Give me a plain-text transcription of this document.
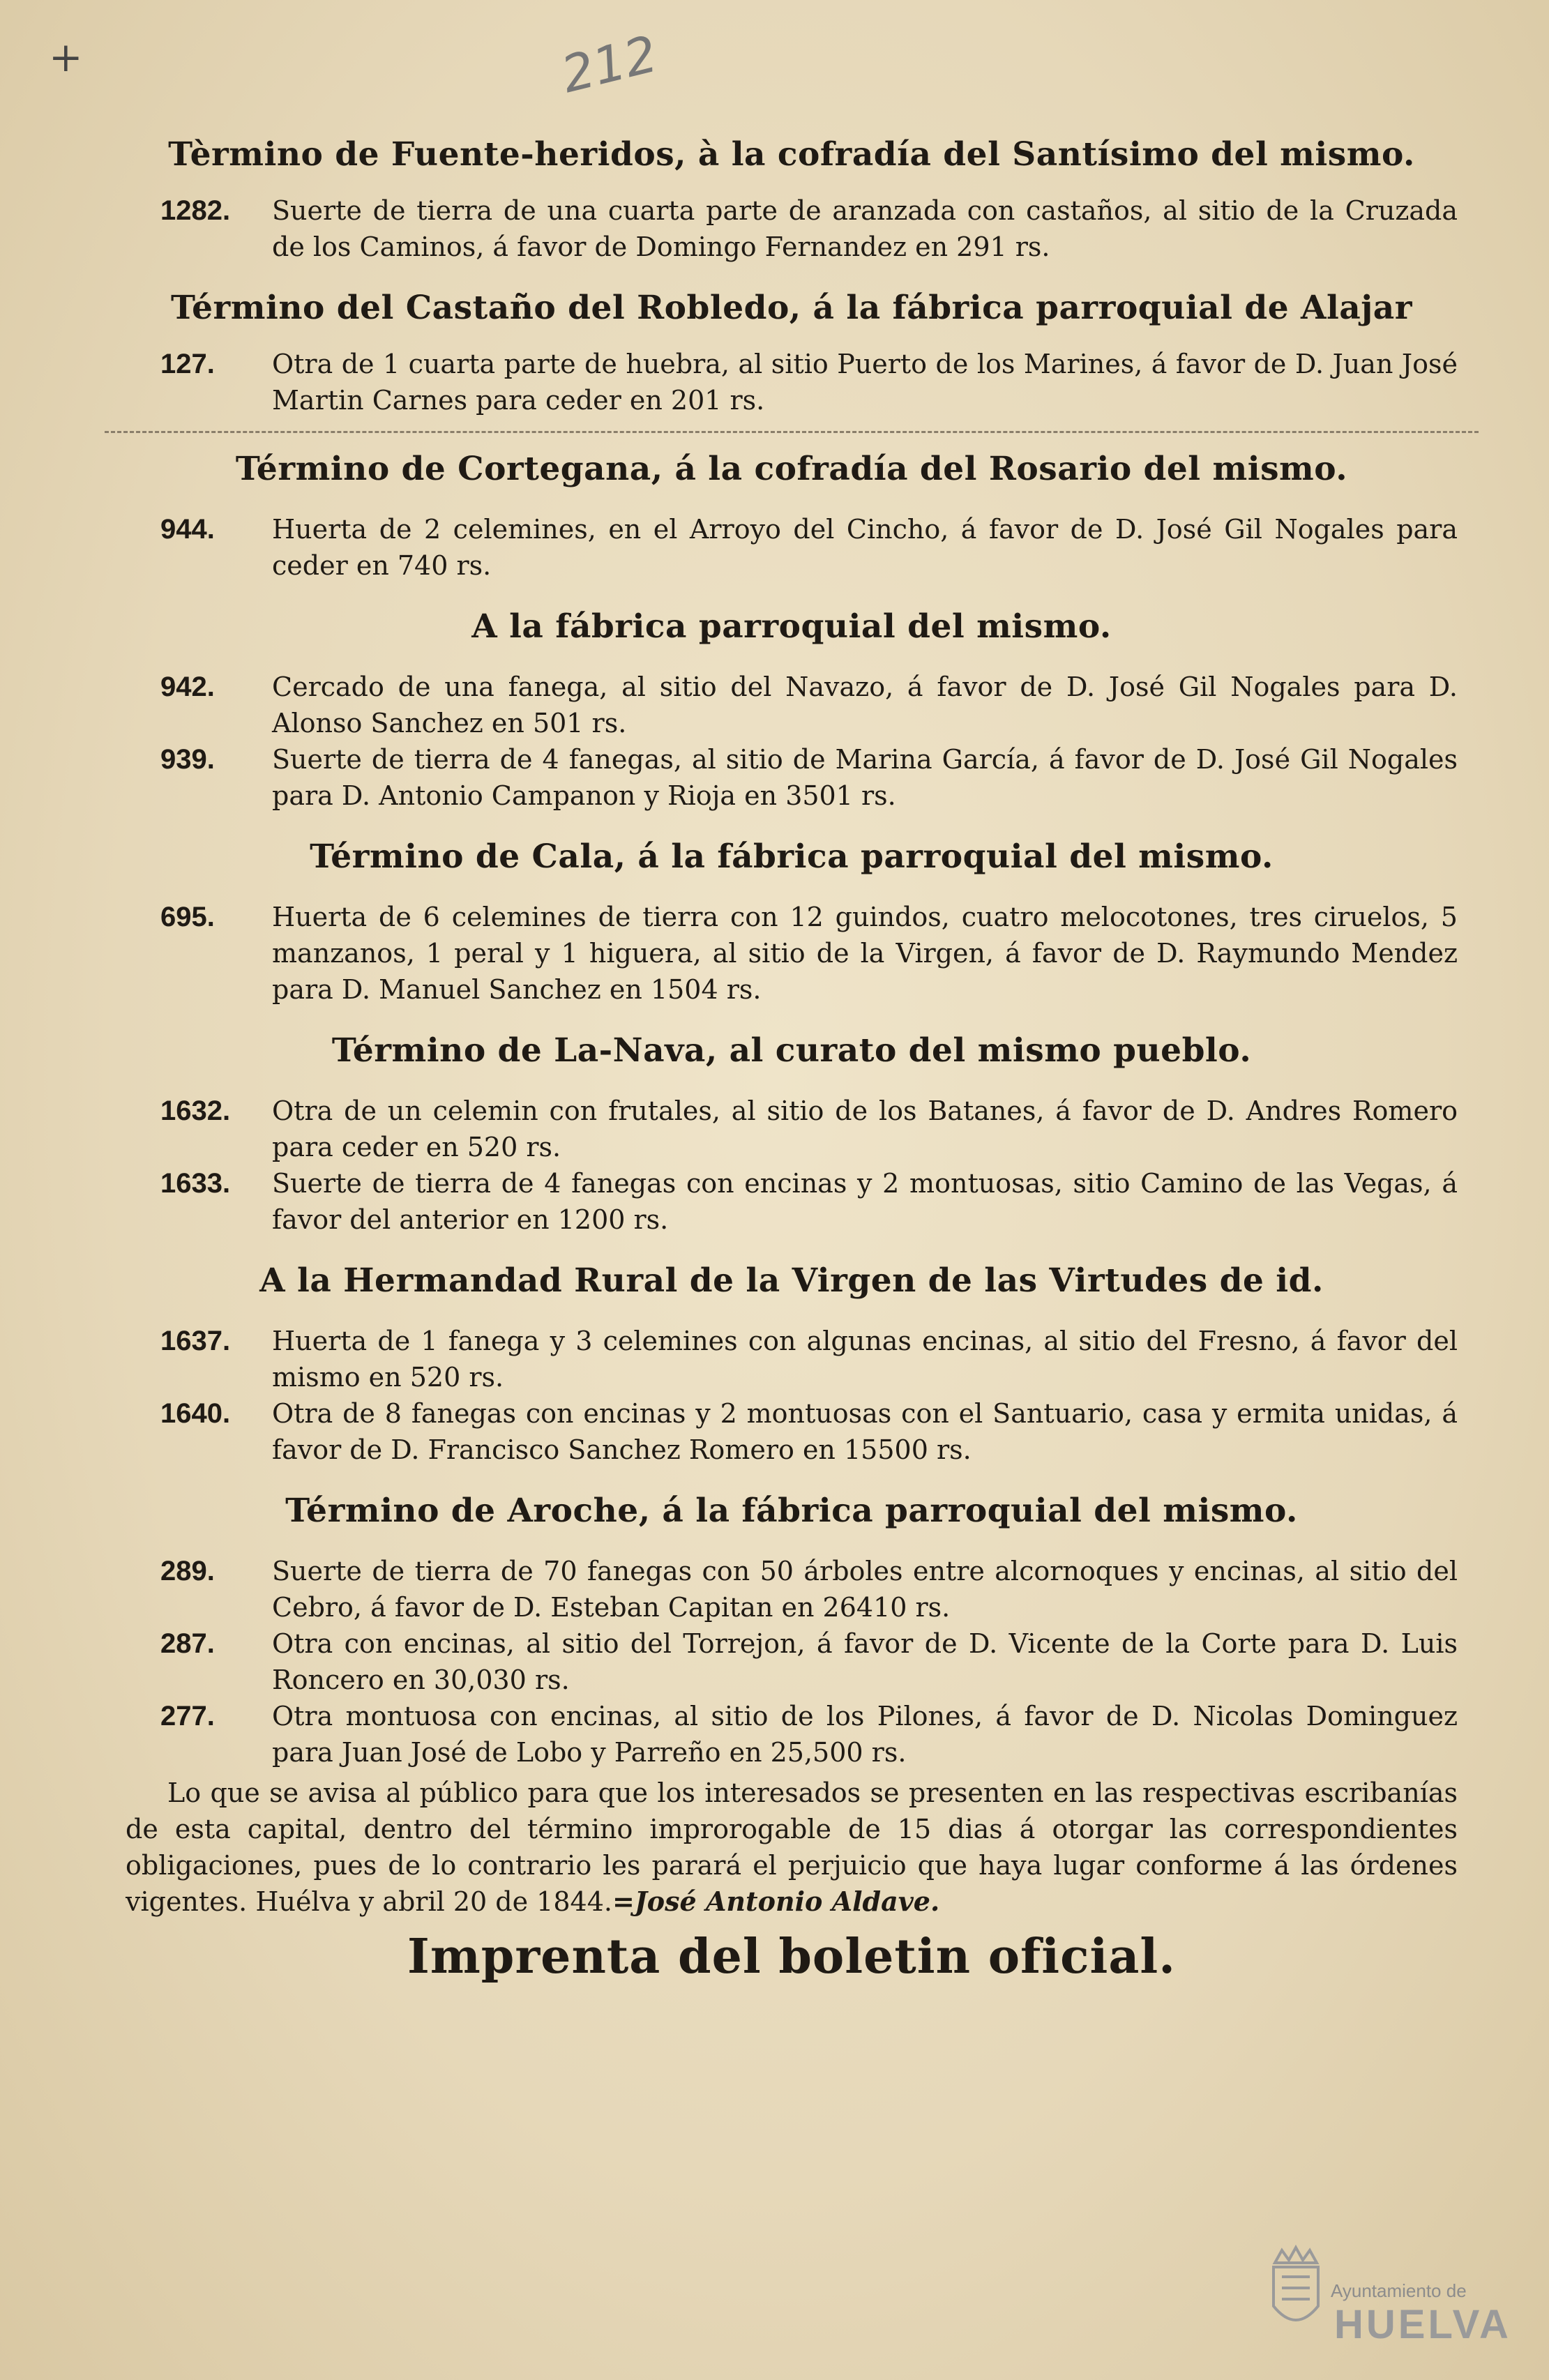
+	212
Tèrmino de Fuente-heridos, à la cofradía del Santísimo del mismo.
1282. Suerte de tierra de una cuarta parte de aranzada con castaños, al sitio de la Cruzada de los Caminos, á favor de Domingo Fernandez en 291 rs.
Término del Castaño del Robledo, á la fábrica parroquial de Alajar
127. Otra de 1 cuarta parte de huebra, al sitio Puerto de los Marines, á favor de D. Juan José Martin Carnes para ceder en 201 rs.
Término de Cortegana, á la cofradía del Rosario del mismo.
944. Huerta de 2 celemines, en el Arroyo del Cincho, á favor de D. José Gil Nogales para ceder en 740 rs.
A la fábrica parroquial del mismo.
942. Cercado de una fanega, al sitio del Navazo, á favor de D. José Gil Nogales para D. Alonso Sanchez en 501 rs.
939. Suerte de tierra de 4 fanegas, al sitio de Marina García, á favor de D. José Gil Nogales para D. Antonio Campanon y Rioja en 3501 rs.
Término de Cala, á la fábrica parroquial del mismo.
695. Huerta de 6 celemines de tierra con 12 guindos, cuatro melocotones, tres ciruelos, 5 manzanos, 1 peral y 1 higuera, al sitio de la Virgen, á favor de D. Raymundo Mendez para D. Manuel Sanchez en 1504 rs.
Término de La-Nava, al curato del mismo pueblo.
1632. Otra de un celemin con frutales, al sitio de los Batanes, á favor de D. Andres Romero para ceder en 520 rs.
1633. Suerte de tierra de 4 fanegas con encinas y 2 montuosas, sitio Camino de las Vegas, á favor del anterior en 1200 rs.
A la Hermandad Rural de la Virgen de las Virtudes de id.
1637. Huerta de 1 fanega y 3 celemines con algunas encinas, al sitio del Fresno, á favor del mismo en 520 rs.
1640. Otra de 8 fanegas con encinas y 2 montuosas con el Santuario, casa y ermita unidas, á favor de D. Francisco Sanchez Romero en 15500 rs.
Término de Aroche, á la fábrica parroquial del mismo.
289. Suerte de tierra de 70 fanegas con 50 árboles entre alcornoques y encinas, al sitio del Cebro, á favor de D. Esteban Capitan en 26410 rs.
287. Otra con encinas, al sitio del Torrejon, á favor de D. Vicente de la Corte para D. Luis Roncero en 30,030 rs.
277. Otra montuosa con encinas, al sitio de los Pilones, á favor de D. Nicolas Dominguez para Juan José de Lobo y Parreño en 25,500 rs.

Lo que se avisa al público para que los interesados se presenten en las respectivas escribanías de esta capital, dentro del término improrogable de 15 dias á otorgar las correspondientes obligaciones, pues de lo contrario les parará el perjuicio que haya lugar conforme á las órdenes vigentes. Huélva y abril 20 de 1844.=José Antonio Aldave.

Imprenta del boletin oficial.
Ayuntamiento de
HUELVA
